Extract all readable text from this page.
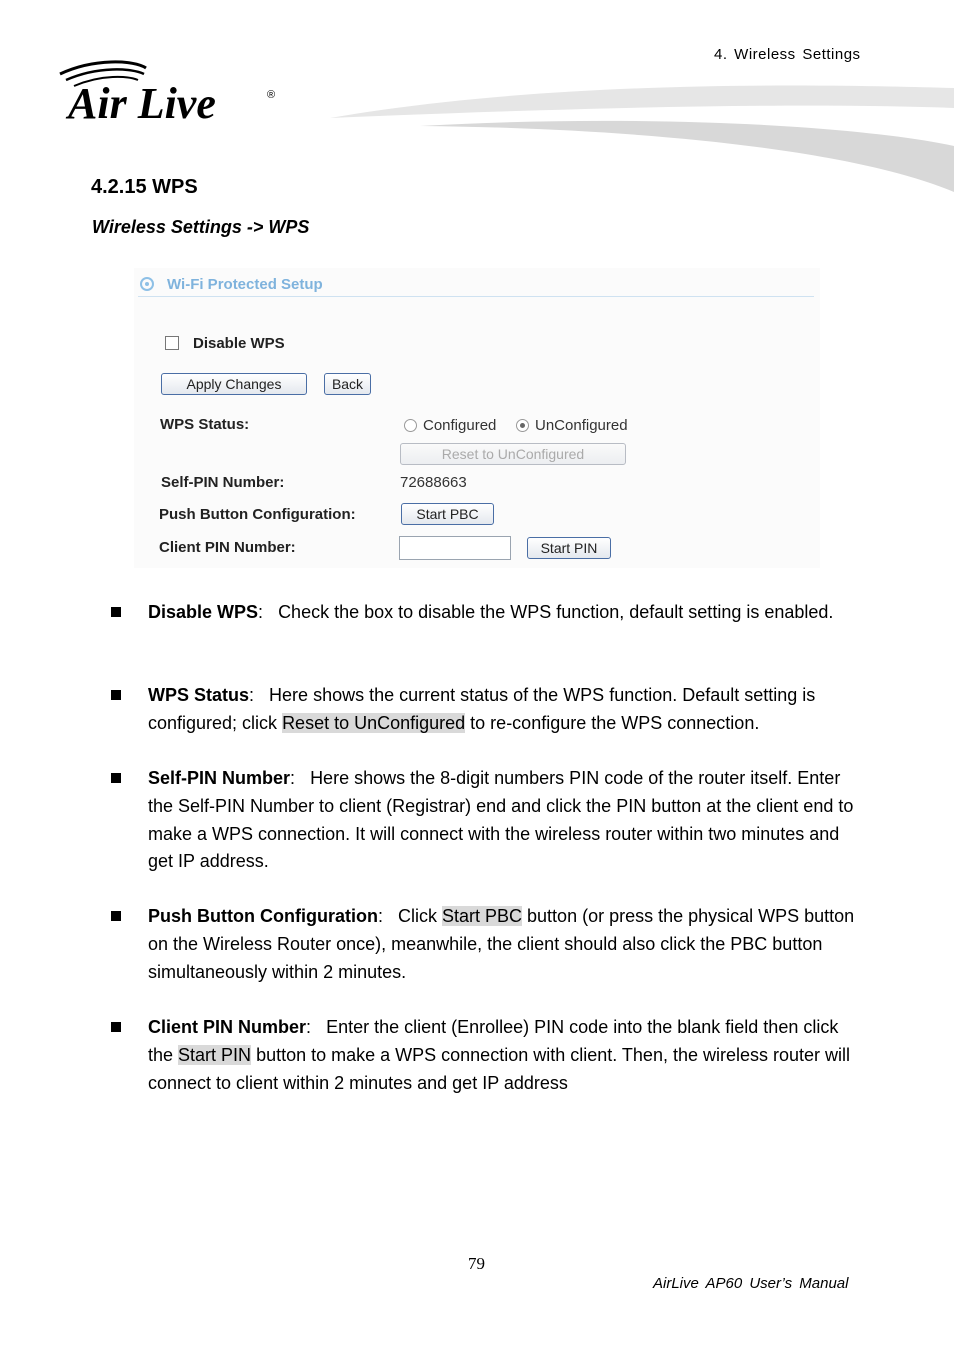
4. Wireless Settings
Air Live	®
4.2.15 WPS
Wireless Settings -> WPS
Wi-Fi Protected Setup
Disable WPS
Apply Changes	Back
WPS Status:	Configured	UnConfigured
Reset to UnConfigured
Self-PIN Number:	72688663
Push Button Configuration:	Start PBC
Client PIN Number:	Start PIN
Disable WPS: Check the box to disable the WPS function, default setting is enabled.
WPS Status: Here shows the current status of the WPS function. Default setting is configured; click Reset to UnConfigured to re-configure the WPS connection.
Self-PIN Number: Here shows the 8-digit numbers PIN code of the router itself. Enter the Self-PIN Number to client (Registrar) end and click the PIN button at the client end to make a WPS connection. It will connect with the wireless router within two minutes and get IP address.
Push Button Configuration: Click Start PBC button (or press the physical WPS button on the Wireless Router once), meanwhile, the client should also click the PBC button simultaneously within 2 minutes.
Client PIN Number: Enter the client (Enrollee) PIN code into the blank field then click the Start PIN button to make a WPS connection with client. Then, the wireless router will connect to client within 2 minutes and get IP address
79
AirLive AP60 User’s Manual
